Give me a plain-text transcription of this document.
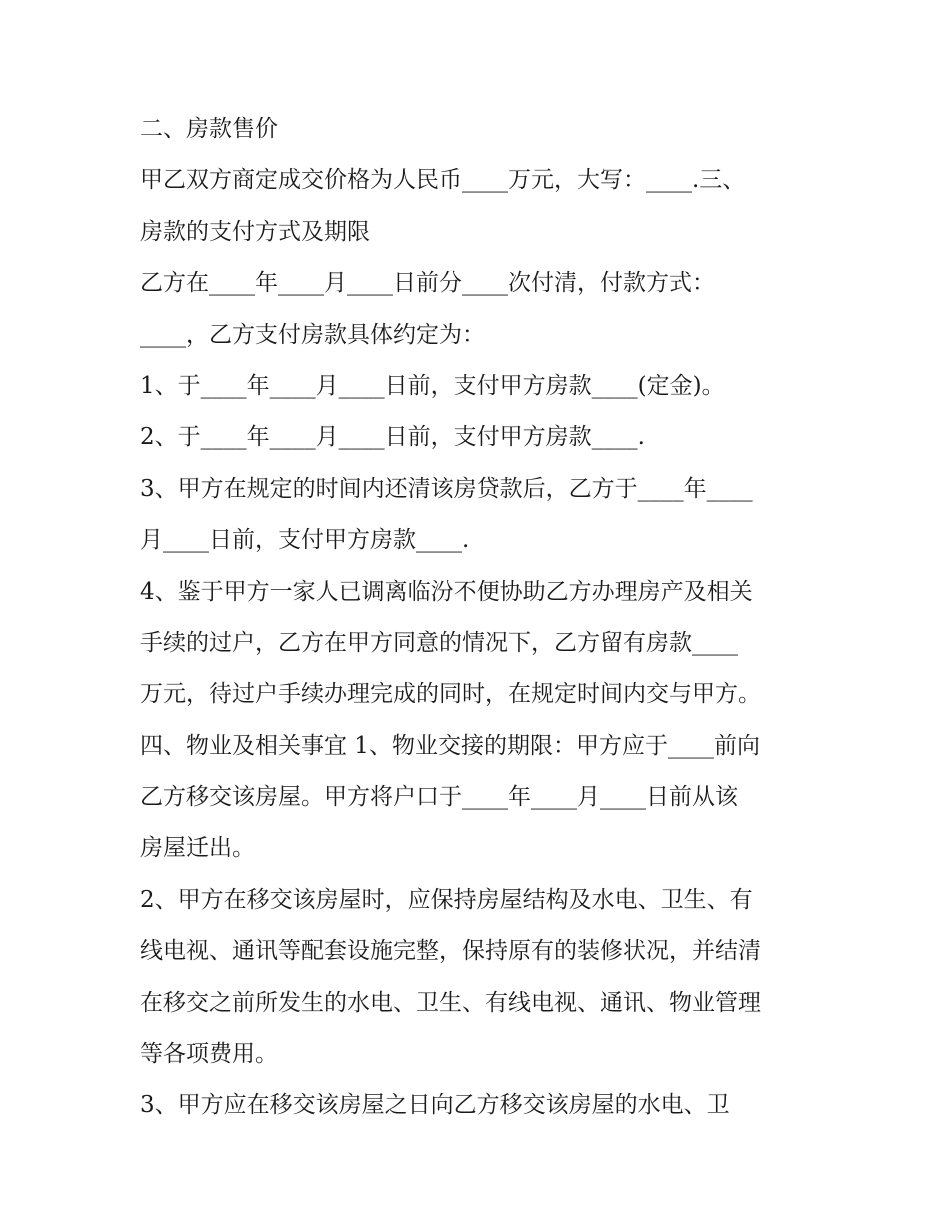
二、房款售价

甲乙双方商定成交价格为人民币____万元，大写：____.三、

房款的支付方式及期限

乙方在____年____月____日前分____次付清，付款方式：

____，乙方支付房款具体约定为：

1、于____年____月____日前，支付甲方房款____(定金)。

2、于____年____月____日前，支付甲方房款____.

3、甲方在规定的时间内还清该房贷款后，乙方于____年____

月____日前，支付甲方房款____.

4、鉴于甲方一家人已调离临汾不便协助乙方办理房产及相关

手续的过户，乙方在甲方同意的情况下，乙方留有房款____

万元，待过户手续办理完成的同时，在规定时间内交与甲方。

四、物业及相关事宜 1、物业交接的期限：甲方应于____前向

乙方移交该房屋。甲方将户口于____年____月____日前从该

房屋迁出。

2、甲方在移交该房屋时，应保持房屋结构及水电、卫生、有

线电视、通讯等配套设施完整，保持原有的装修状况，并结清

在移交之前所发生的水电、卫生、有线电视、通讯、物业管理

等各项费用。

3、甲方应在移交该房屋之日向乙方移交该房屋的水电、卫
